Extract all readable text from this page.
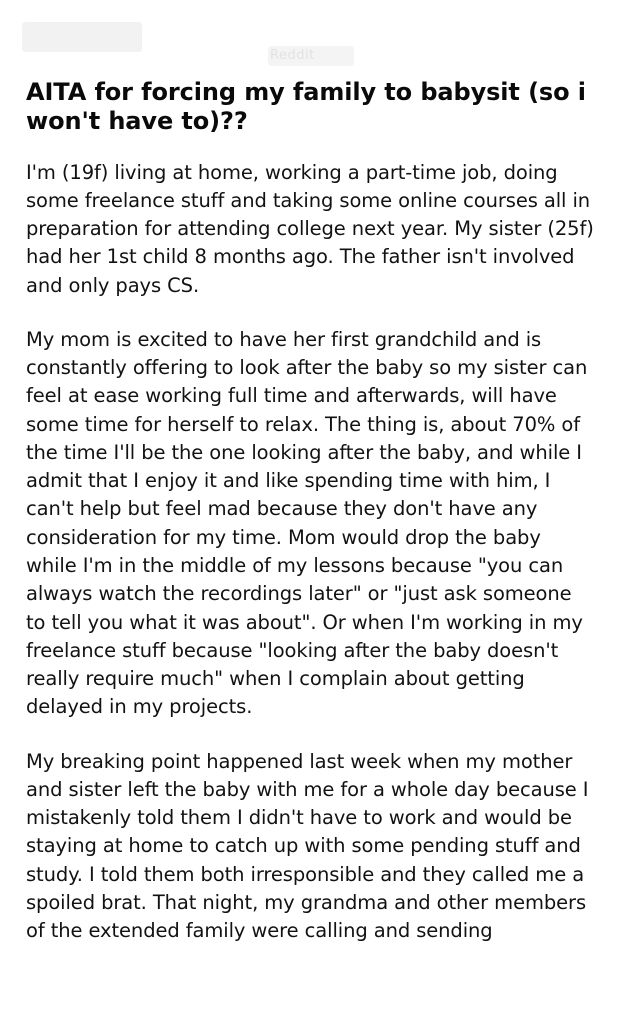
Reddit
AITA for forcing my family to babysit (so i won't have to)??

I'm (19f) living at home, working a part-time job, doing some freelance stuff and taking some online courses all in preparation for attending college next year. My sister (25f) had her 1st child 8 months ago. The father isn't involved and only pays CS.

My mom is excited to have her first grandchild and is constantly offering to look after the baby so my sister can feel at ease working full time and afterwards, will have some time for herself to relax. The thing is, about 70% of the time I'll be the one looking after the baby, and while I admit that I enjoy it and like spending time with him, I can't help but feel mad because they don't have any consideration for my time. Mom would drop the baby while I'm in the middle of my lessons because "you can always watch the recordings later" or "just ask someone to tell you what it was about". Or when I'm working in my freelance stuff because "looking after the baby doesn't really require much" when I complain about getting delayed in my projects.

My breaking point happened last week when my mother and sister left the baby with me for a whole day because I mistakenly told them I didn't have to work and would be staying at home to catch up with some pending stuff and study. I told them both irresponsible and they called me a spoiled brat. That night, my grandma and other members of the extended family were calling and sending
